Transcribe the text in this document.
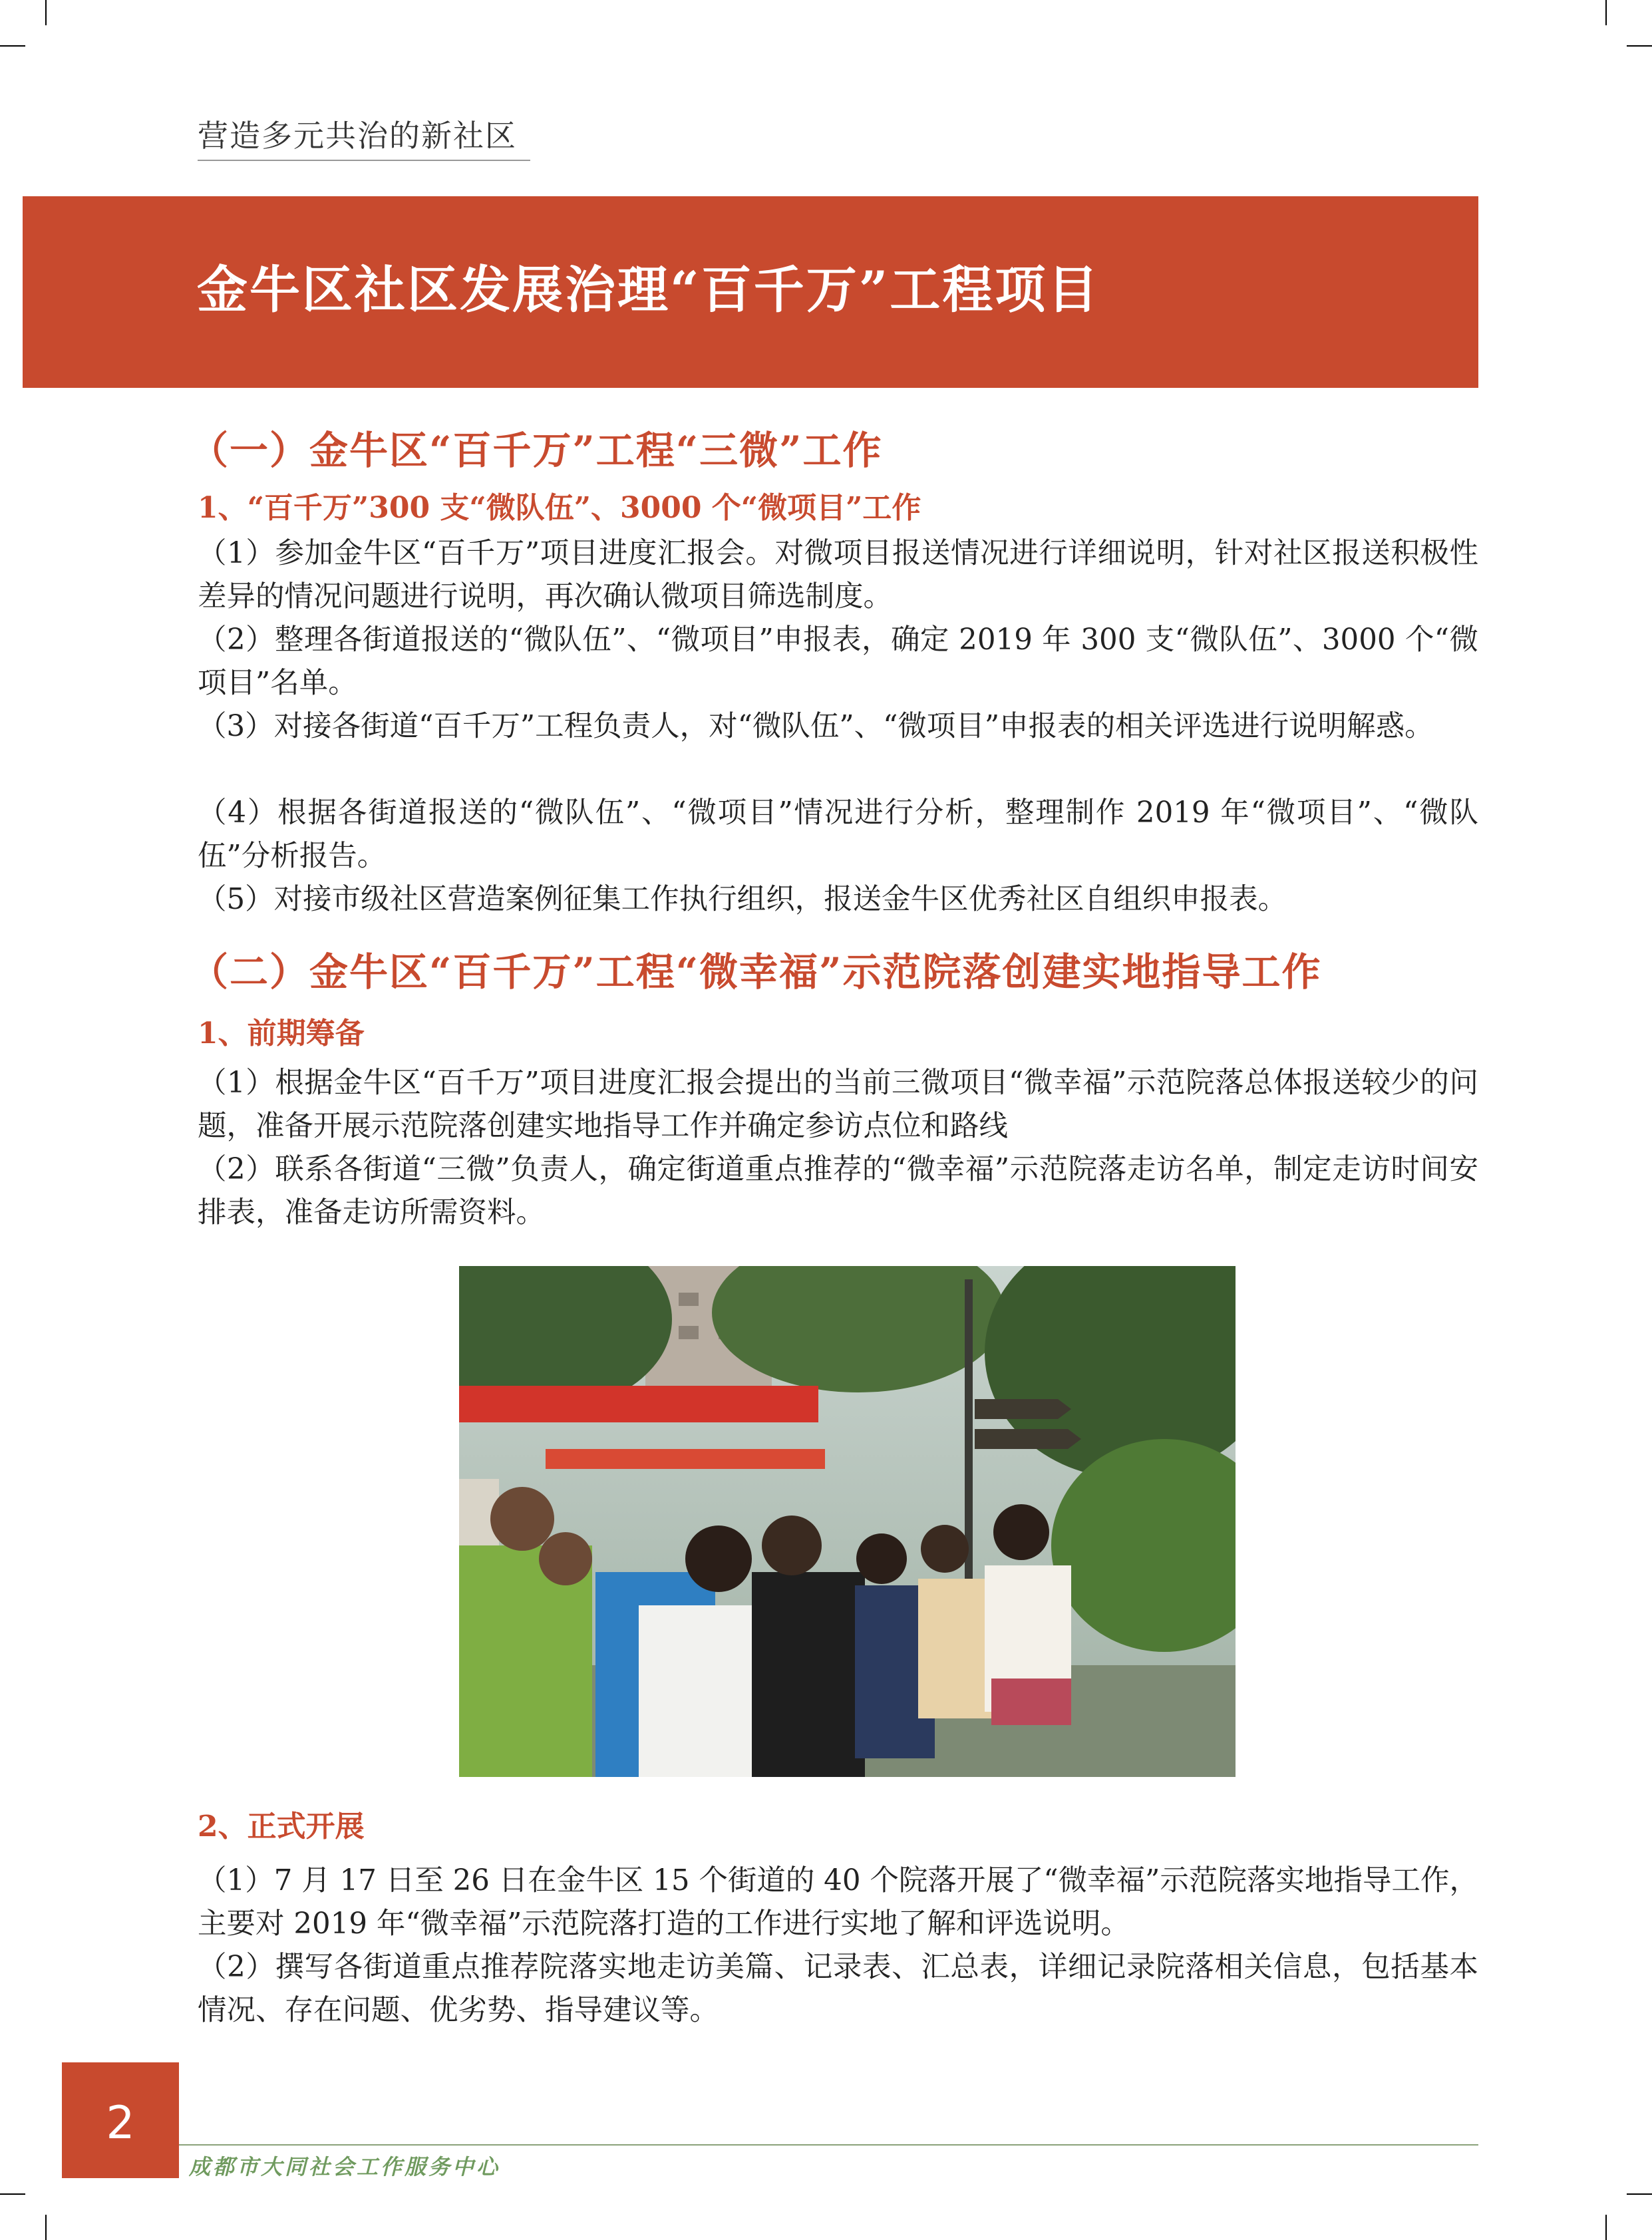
营造多元共治的新社区
金牛区社区发展治理“百千万”工程项目
（一）金牛区“百千万”工程“三微”工作
1、“百千万”300 支“微队伍”、3000 个“微项目”工作
（1）参加金牛区“百千万”项目进度汇报会。对微项目报送情况进行详细说明，针对社区报送积极性差异的情况问题进行说明，再次确认微项目筛选制度。
（2）整理各街道报送的“微队伍”、“微项目”申报表，确定 2019 年 300 支“微队伍”、3000 个“微项目”名单。
（3）对接各街道“百千万”工程负责人，对“微队伍”、“微项目”申报表的相关评选进行说明解惑。
（4）根据各街道报送的“微队伍”、“微项目”情况进行分析，整理制作 2019 年“微项目”、“微队伍”分析报告。
（5）对接市级社区营造案例征集工作执行组织，报送金牛区优秀社区自组织申报表。
（二）金牛区“百千万”工程“微幸福”示范院落创建实地指导工作
1、前期筹备
（1）根据金牛区“百千万”项目进度汇报会提出的当前三微项目“微幸福”示范院落总体报送较少的问题，准备开展示范院落创建实地指导工作并确定参访点位和路线
（2）联系各街道“三微”负责人，确定街道重点推荐的“微幸福”示范院落走访名单，制定走访时间安排表，准备走访所需资料。
2、正式开展
（1）7 月 17 日至 26 日在金牛区 15 个街道的 40 个院落开展了“微幸福”示范院落实地指导工作，主要对 2019 年“微幸福”示范院落打造的工作进行实地了解和评选说明。
（2）撰写各街道重点推荐院落实地走访美篇、记录表、汇总表，详细记录院落相关信息，包括基本情况、存在问题、优劣势、指导建议等。
2
成都市大同社会工作服务中心
